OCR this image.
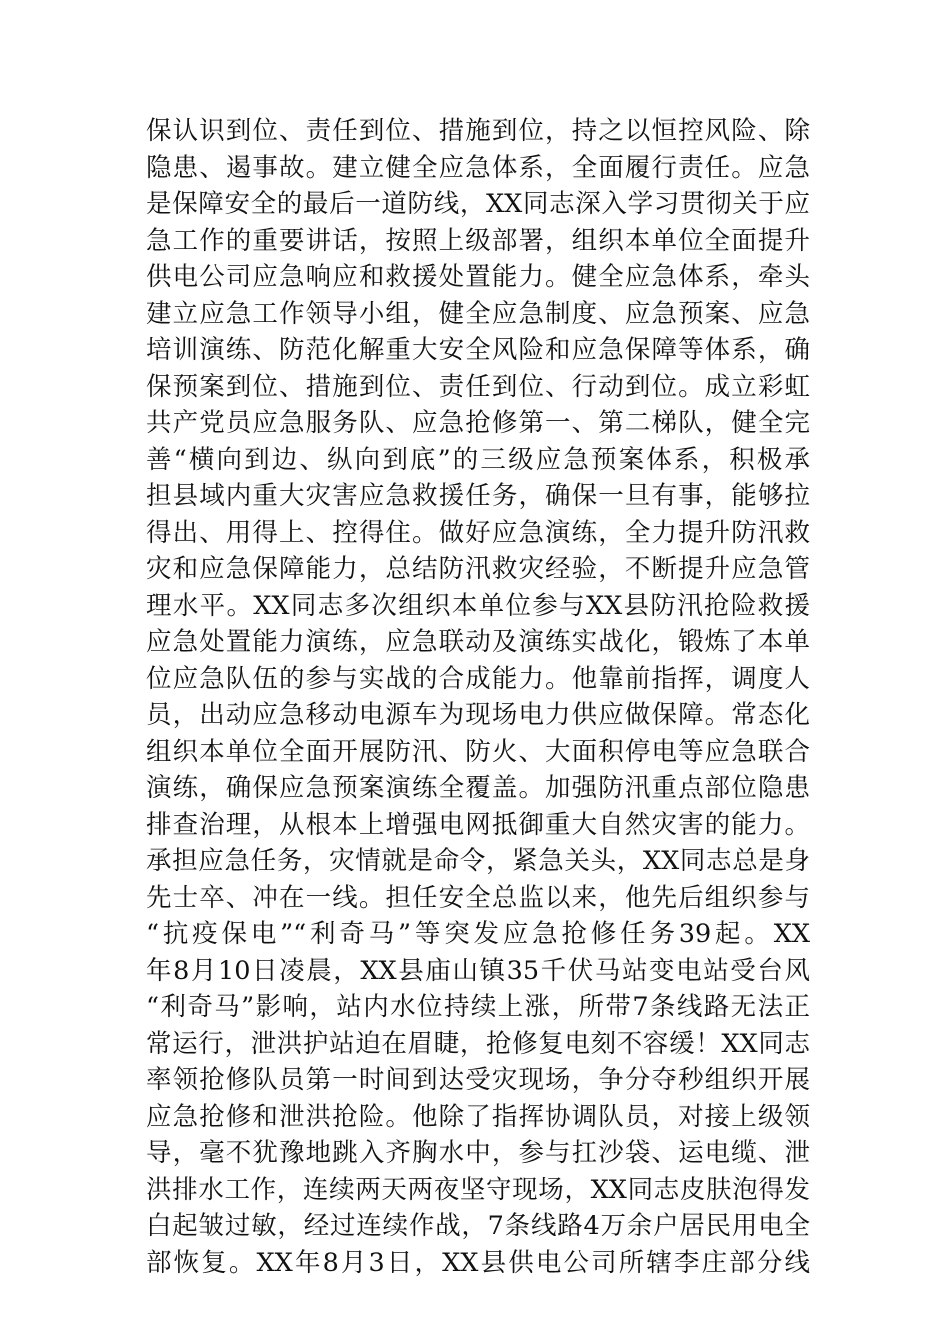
保认识到位、责任到位、措施到位，持之以恒控风险、除
隐患、遏事故。建立健全应急体系，全面履行责任。应急
是保障安全的最后一道防线，XX同志深入学习贯彻关于应
急工作的重要讲话，按照上级部署，组织本单位全面提升
供电公司应急响应和救援处置能力。健全应急体系，牵头
建立应急工作领导小组，健全应急制度、应急预案、应急
培训演练、防范化解重大安全风险和应急保障等体系，确
保预案到位、措施到位、责任到位、行动到位。成立彩虹
共产党员应急服务队、应急抢修第一、第二梯队，健全完
善“横向到边、纵向到底”的三级应急预案体系，积极承
担县域内重大灾害应急救援任务，确保一旦有事，能够拉
得出、用得上、控得住。做好应急演练，全力提升防汛救
灾和应急保障能力，总结防汛救灾经验，不断提升应急管
理水平。XX同志多次组织本单位参与XX县防汛抢险救援
应急处置能力演练，应急联动及演练实战化，锻炼了本单
位应急队伍的参与实战的合成能力。他靠前指挥，调度人
员，出动应急移动电源车为现场电力供应做保障。常态化
组织本单位全面开展防汛、防火、大面积停电等应急联合
演练，确保应急预案演练全覆盖。加强防汛重点部位隐患
排查治理，从根本上增强电网抵御重大自然灾害的能力。
承担应急任务，灾情就是命令，紧急关头，XX同志总是身
先士卒、冲在一线。担任安全总监以来，他先后组织参与
“抗疫保电”“利奇马”等突发应急抢修任务39起。XX
年8月10日凌晨，XX县庙山镇35千伏马站变电站受台风
“利奇马”影响，站内水位持续上涨，所带7条线路无法正
常运行，泄洪护站迫在眉睫，抢修复电刻不容缓！XX同志
率领抢修队员第一时间到达受灾现场，争分夺秒组织开展
应急抢修和泄洪抢险。他除了指挥协调队员，对接上级领
导，毫不犹豫地跳入齐胸水中，参与扛沙袋、运电缆、泄
洪排水工作，连续两天两夜坚守现场，XX同志皮肤泡得发
白起皱过敏，经过连续作战，7条线路4万余户居民用电全
部恢复。XX年8月3日，XX县供电公司所辖李庄部分线
